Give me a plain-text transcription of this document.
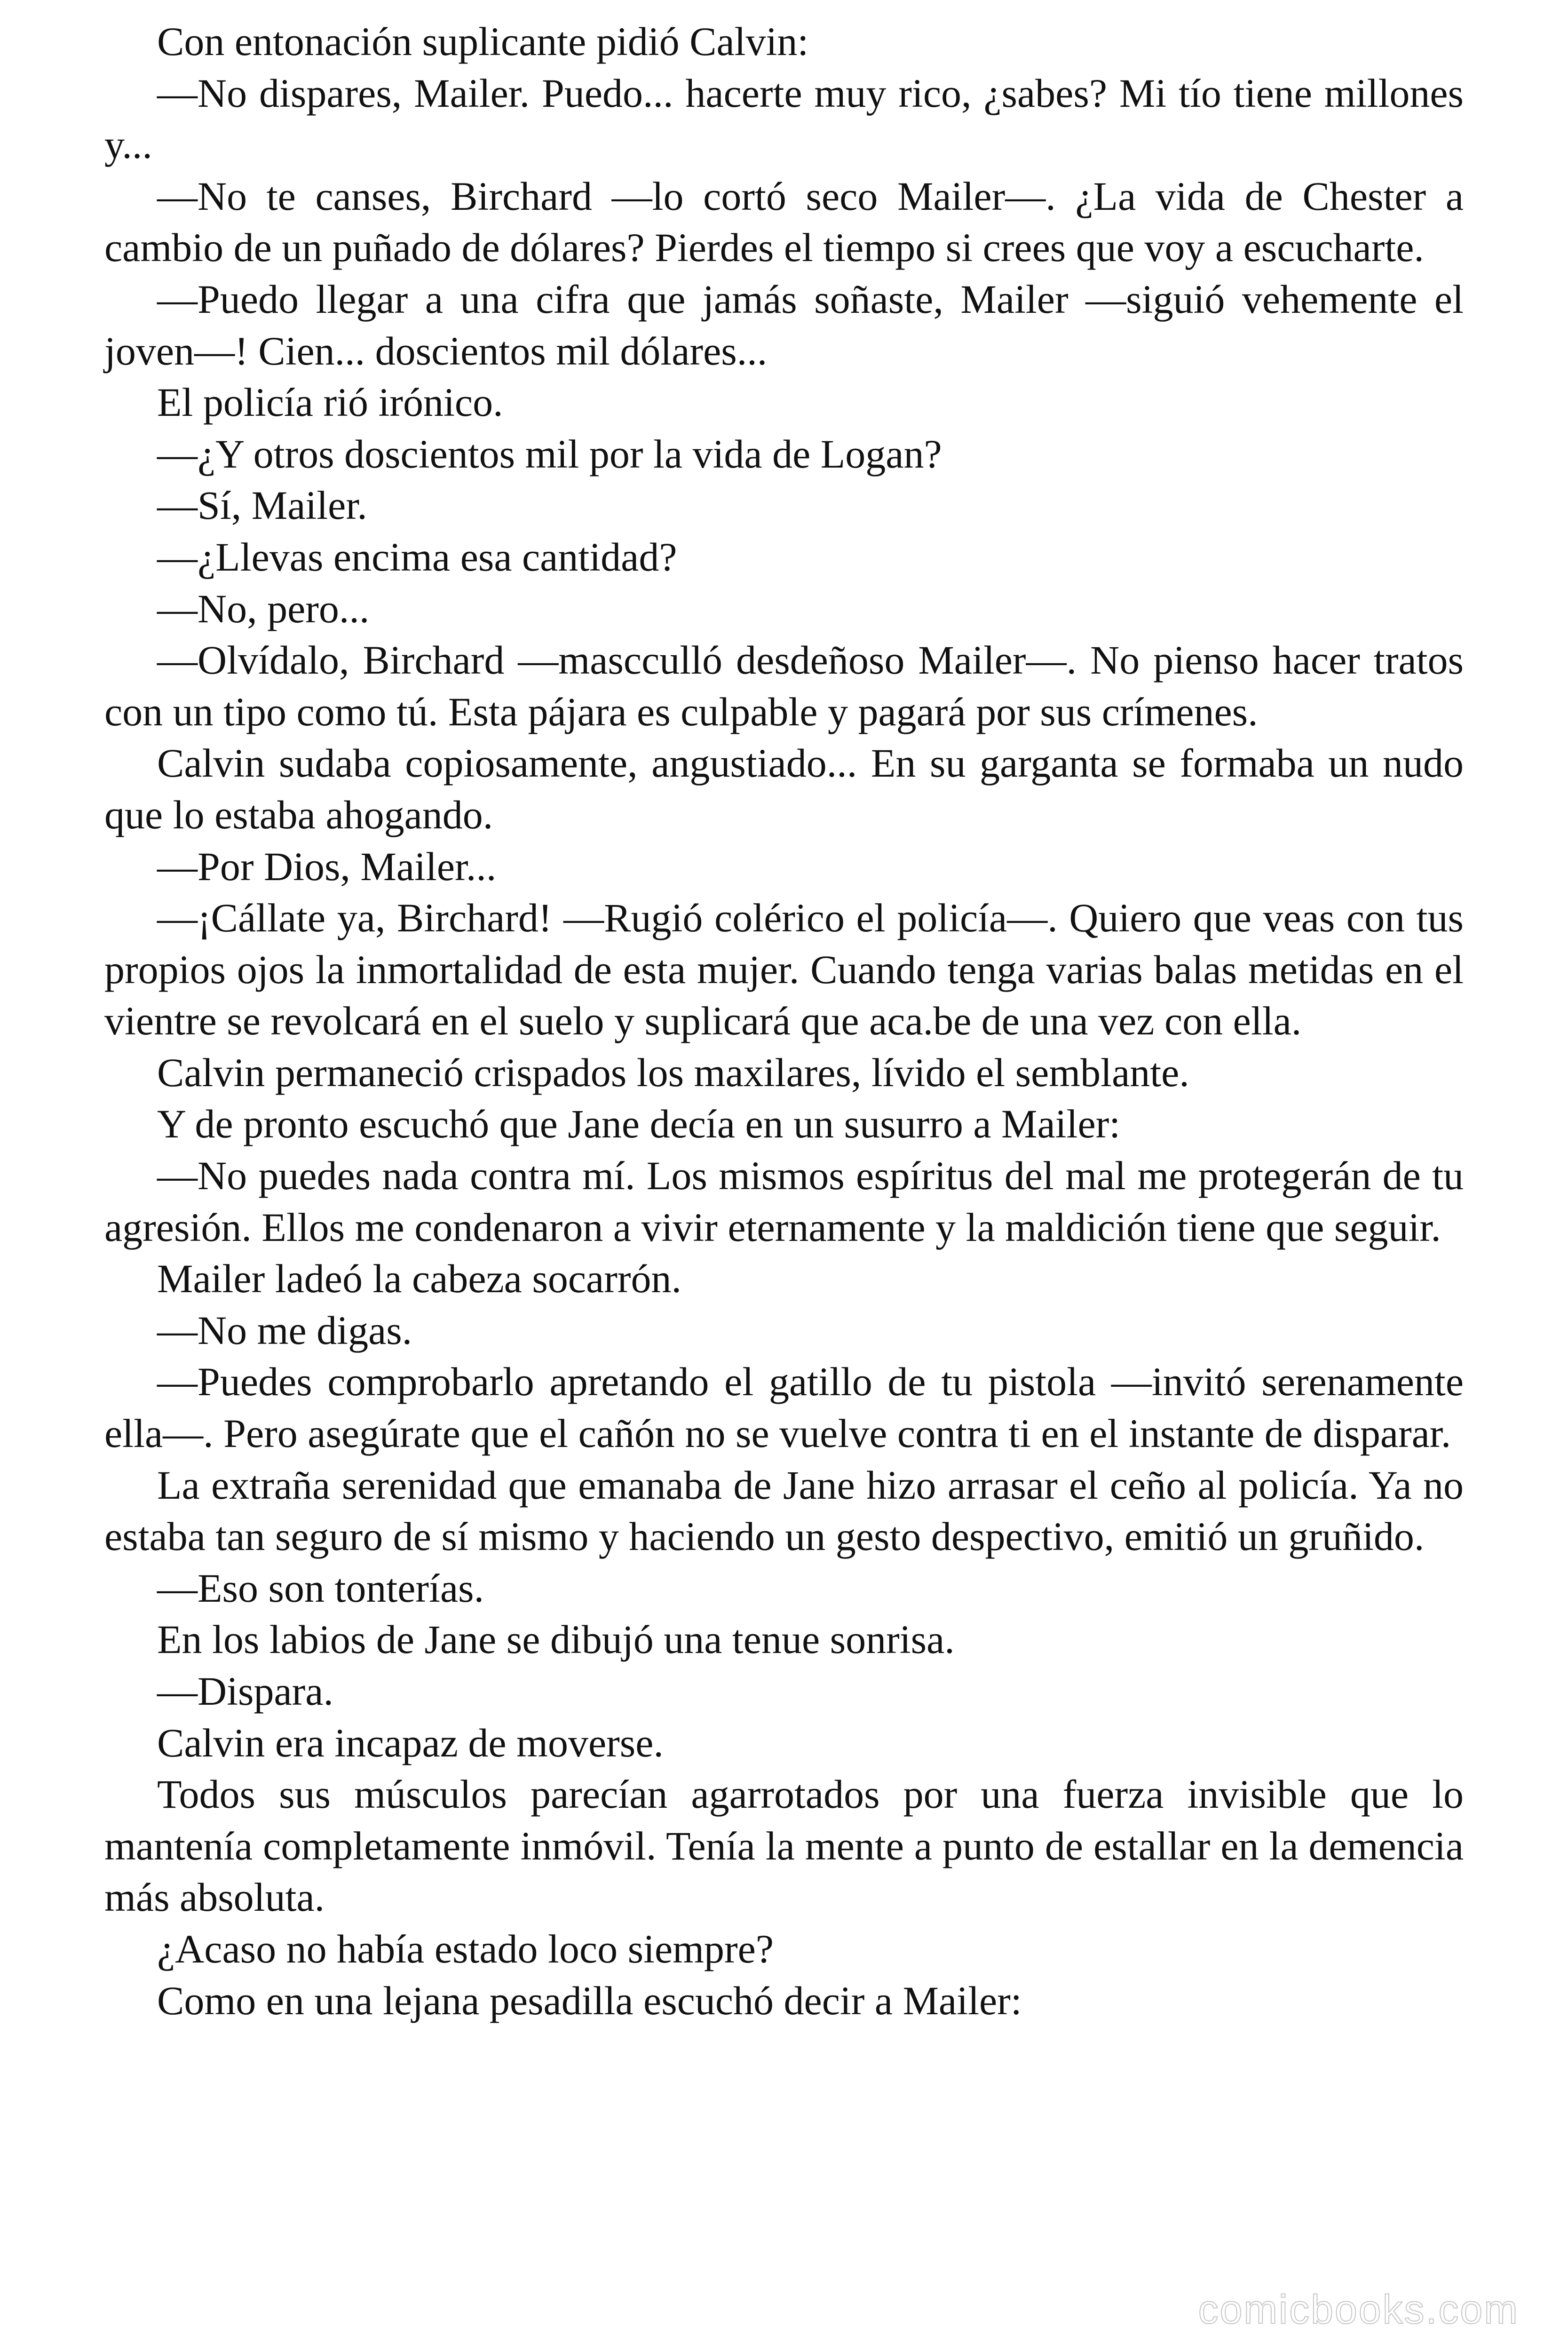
Con entonación suplicante pidió Calvin:

—No dispares, Mailer. Puedo... hacerte muy rico, ¿sabes? Mi tío tiene millones y...

—No te canses, Birchard —lo cortó seco Mailer—. ¿La vida de Chester a cambio de un puñado de dólares? Pierdes el tiempo si crees que voy a escucharte.

—Puedo llegar a una cifra que jamás soñaste, Mailer —siguió vehemente el joven—! Cien... doscientos mil dólares...

El policía rió irónico.

—¿Y otros doscientos mil por la vida de Logan?

—Sí, Mailer.

—¿Llevas encima esa cantidad?

—No, pero...

—Olvídalo, Birchard —mascculló desdeñoso Mailer—. No pienso hacer tratos con un tipo como tú. Esta pájara es culpable y pagará por sus crímenes.

Calvin sudaba copiosamente, angustiado... En su garganta se formaba un nudo que lo estaba ahogando.

—Por Dios, Mailer...

—¡Cállate ya, Birchard! —Rugió colérico el policía—. Quiero que veas con tus propios ojos la inmortalidad de esta mujer. Cuando tenga varias balas metidas en el vientre se revolcará en el suelo y suplicará que aca.be de una vez con ella.

Calvin permaneció crispados los maxilares, lívido el semblante.

Y de pronto escuchó que Jane decía en un susurro a Mailer:

—No puedes nada contra mí. Los mismos espíritus del mal me protegerán de tu agresión. Ellos me condenaron a vivir eternamente y la maldición tiene que seguir.

Mailer ladeó la cabeza socarrón.

—No me digas.

—Puedes comprobarlo apretando el gatillo de tu pistola —invitó serenamente ella—. Pero asegúrate que el cañón no se vuelve contra ti en el instante de disparar.

La extraña serenidad que emanaba de Jane hizo arrasar el ceño al policía. Ya no estaba tan seguro de sí mismo y haciendo un gesto despectivo, emitió un gruñido.

—Eso son tonterías.

En los labios de Jane se dibujó una tenue sonrisa.

—Dispara.

Calvin era incapaz de moverse.

Todos sus músculos parecían agarrotados por una fuerza invisible que lo mantenía completamente inmóvil. Tenía la mente a punto de estallar en la demencia más absoluta.

¿Acaso no había estado loco siempre?

Como en una lejana pesadilla escuchó decir a Mailer:

comicbooks.com
